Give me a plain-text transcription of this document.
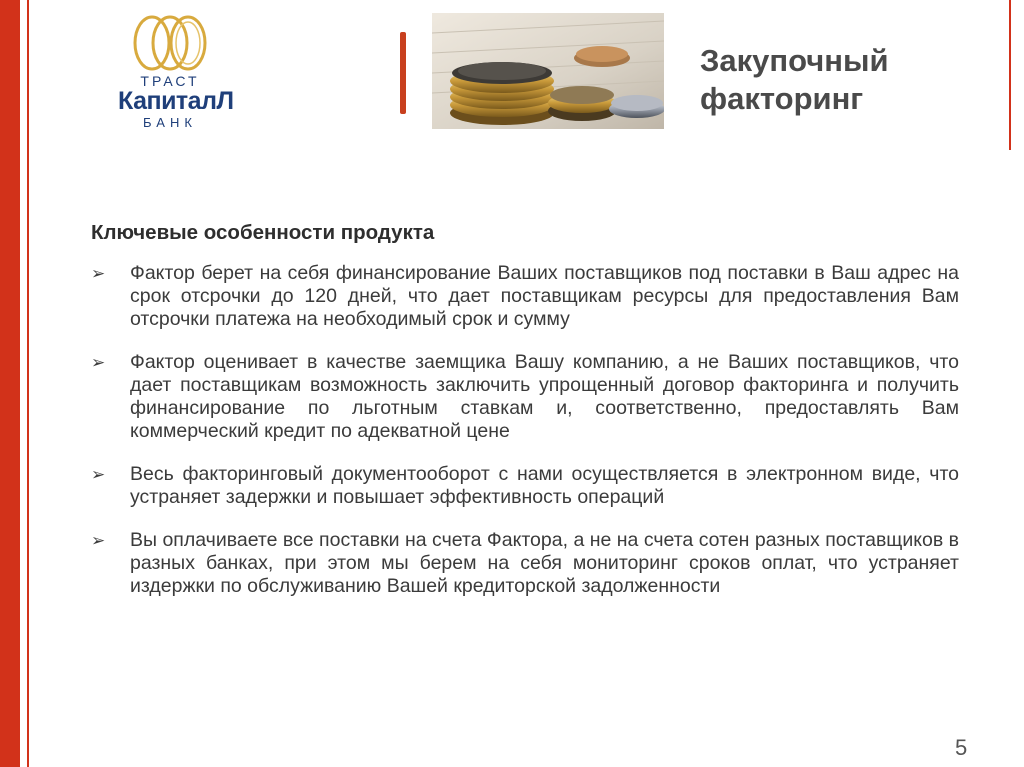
ТРАСТ
КапиталЛ
БАНК
Закупочный
факторинг
Ключевые особенности продукта
➢ Фактор берет на себя финансирование Ваших поставщиков под поставки в Ваш адрес на срок отсрочки до 120 дней, что дает поставщикам ресурсы для предоставления Вам отсрочки платежа на необходимый срок и сумму
➢ Фактор оценивает в качестве заемщика Вашу компанию, а не Ваших поставщиков, что дает поставщикам возможность заключить упрощенный договор факторинга и получить финансирование по льготным ставкам и, соответственно, предоставлять Вам коммерческий кредит по адекватной цене
➢ Весь факторинговый документооборот с нами осуществляется в электронном виде, что устраняет задержки и повышает эффективность операций
➢ Вы оплачиваете все поставки на счета Фактора, а не на счета сотен разных поставщиков в разных банках, при этом мы берем на себя мониторинг сроков оплат, что устраняет издержки по обслуживанию Вашей кредиторской задолженности
5
